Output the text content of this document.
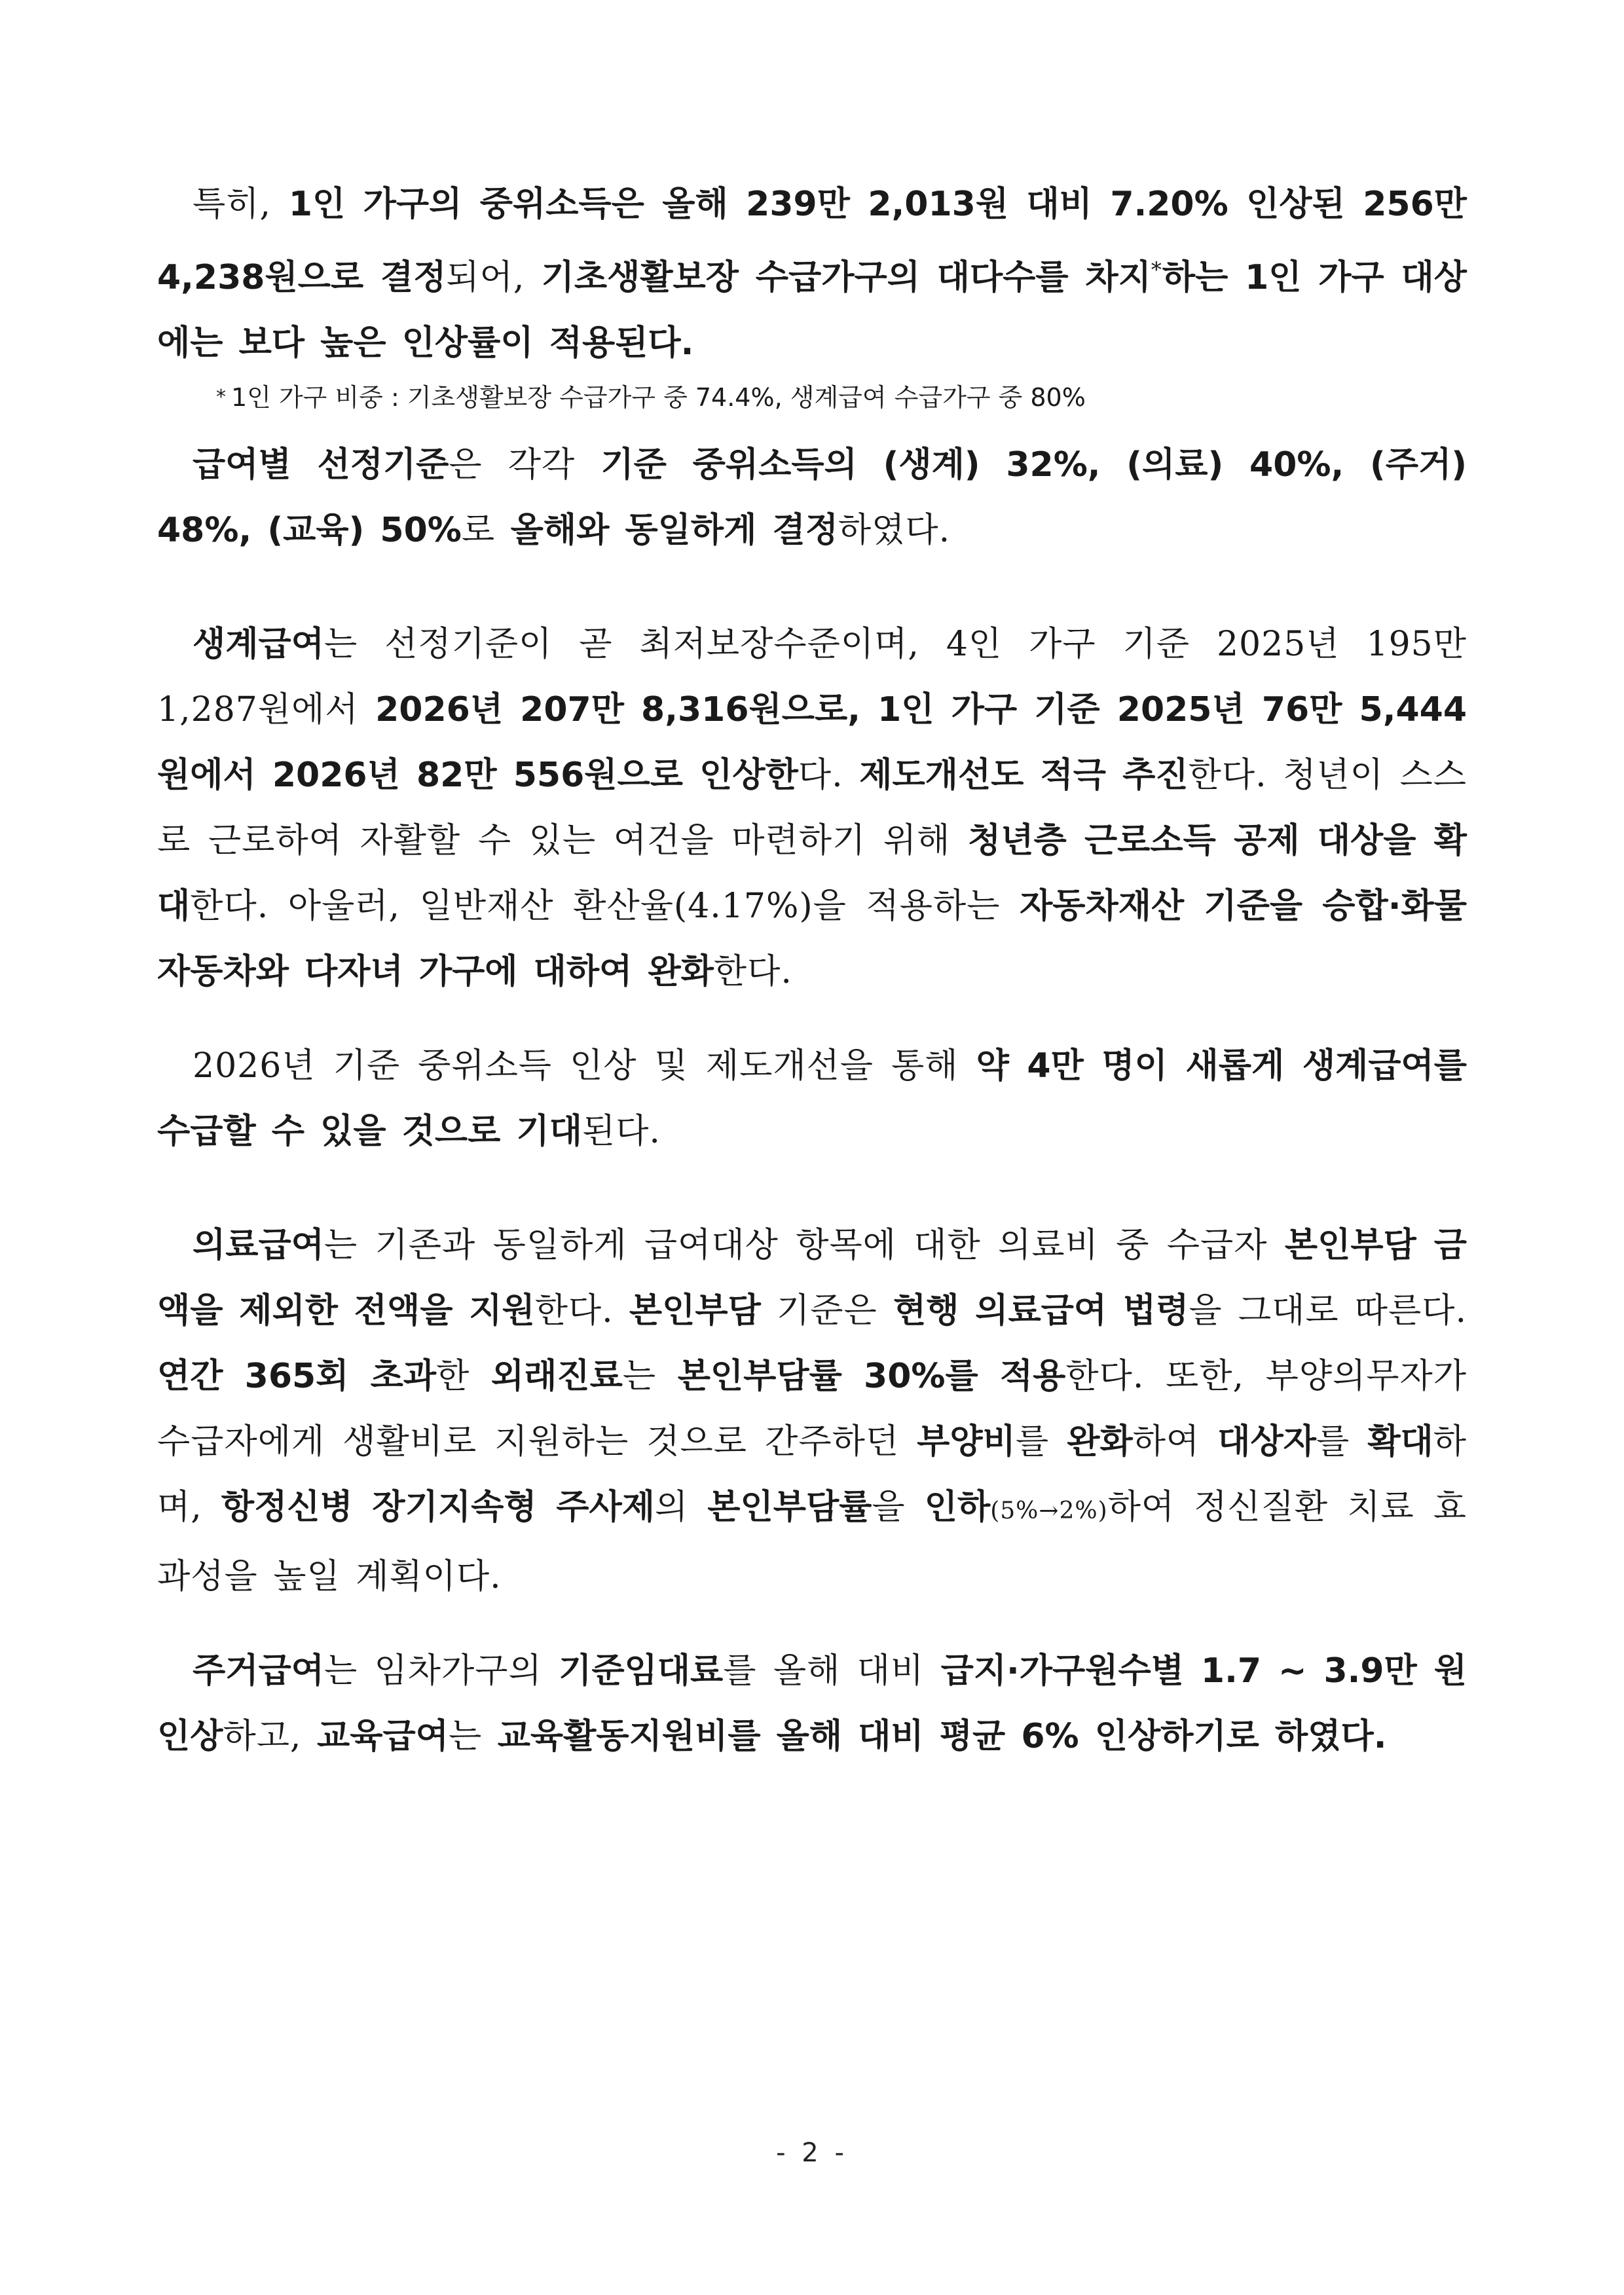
특히, 1인 가구의 중위소득은 올해 239만 2,013원 대비 7.20% 인상된 256만 4,238원으로 결정되어, 기초생활보장 수급가구의 대다수를 차지*하는 1인 가구 대상에는 보다 높은 인상률이 적용된다.

* 1인 가구 비중 : 기초생활보장 수급가구 중 74.4%, 생계급여 수급가구 중 80%

급여별 선정기준은 각각 기준 중위소득의 (생계) 32%, (의료) 40%, (주거) 48%, (교육) 50%로 올해와 동일하게 결정하였다.

생계급여는 선정기준이 곧 최저보장수준이며, 4인 가구 기준 2025년 195만 1,287원에서 2026년 207만 8,316원으로, 1인 가구 기준 2025년 76만 5,444원에서 2026년 82만 556원으로 인상한다. 제도개선도 적극 추진한다. 청년이 스스로 근로하여 자활할 수 있는 여건을 마련하기 위해 청년층 근로소득 공제 대상을 확대한다. 아울러, 일반재산 환산율(4.17%)을 적용하는 자동차재산 기준을 승합·화물자동차와 다자녀 가구에 대하여 완화한다.

2026년 기준 중위소득 인상 및 제도개선을 통해 약 4만 명이 새롭게 생계급여를 수급할 수 있을 것으로 기대된다.

의료급여는 기존과 동일하게 급여대상 항목에 대한 의료비 중 수급자 본인부담 금액을 제외한 전액을 지원한다. 본인부담 기준은 현행 의료급여 법령을 그대로 따른다. 연간 365회 초과한 외래진료는 본인부담률 30%를 적용한다. 또한, 부양의무자가 수급자에게 생활비로 지원하는 것으로 간주하던 부양비를 완화하여 대상자를 확대하며, 항정신병 장기지속형 주사제의 본인부담률을 인하(5%→2%)하여 정신질환 치료 효과성을 높일 계획이다.

주거급여는 임차가구의 기준임대료를 올해 대비 급지·가구원수별 1.7 ~ 3.9만 원 인상하고, 교육급여는 교육활동지원비를 올해 대비 평균 6% 인상하기로 하였다.

- 2 -
